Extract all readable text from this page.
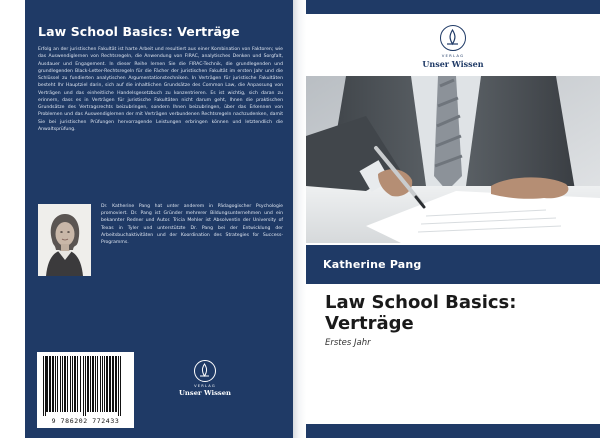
Law School Basics: Verträge
Erfolg an der juristischen Fakultät ist harte Arbeit und resultiert aus einer Kombination von Faktoren; wie das Auswendiglernen von Rechtsregeln, die Anwendung von FIRAC, analytisches Denken und Sorgfalt, Ausdauer und Engagement. In dieser Reihe lernen Sie die FIRAC-Technik, die grundlegenden und grundlegenden Black-Letter-Rechtsregeln für die Fächer der juristischen Fakultät im ersten Jahr und die Schlüssel zu fundierten analytischen Argumentationstechniken. In Verträgen für juristische Fakultäten besteht Ihr Hauptziel darin, sich auf die inhaltlichen Grundsätze des Common Law, die Anpassung von Verträgen und das einheitliche Handelsgesetzbuch zu konzentrieren. Es ist wichtig, sich daran zu erinnern, dass es in Verträgen für juristische Fakultäten nicht darum geht, Ihnen die praktischen Grundsätze des Vertragsrechts beizubringen, sondern Ihnen beizubringen, über das Erkennen von Problemen und das Auswendiglernen der mit Verträgen verbundenen Rechtsregeln nachzudenken, damit Sie bei juristischen Prüfungen hervorragende Leistungen erbringen können und letztendlich die Anwaltsprüfung.
Dr. Katherine Pang hat unter anderem in Pädagogischer Psychologie promoviert. Dr. Pang ist Gründer mehrerer Bildungsunternehmen und ein bekannter Redner und Autor. Tricia Mehler ist Absolventin der University of Texas in Tyler und unterstützte Dr. Pang bei der Entwicklung der Arbeitsbuchaktivitäten und der Koordination des Strategies for Success-Programms.
9 786202 772433
VERLAG
Unser Wissen
VERLAG
Unser Wissen
Katherine Pang
Law School Basics: Verträge
Erstes Jahr
